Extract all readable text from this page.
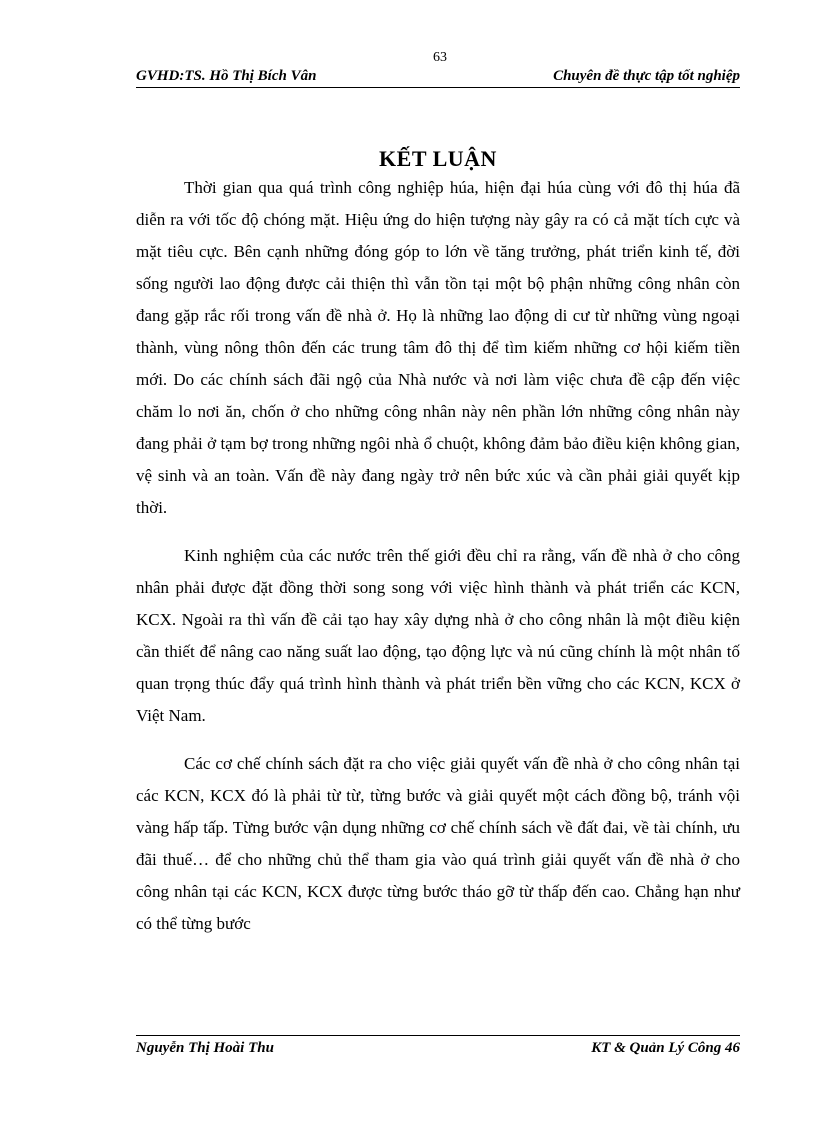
63
GVHD:TS. Hồ Thị Bích Vân	Chuyên đề thực tập tốt nghiệp
KẾT LUẬN

Thời gian qua quá trình công nghiệp húa, hiện đại húa cùng với đô thị húa đã diễn ra với tốc độ chóng mặt. Hiệu ứng do hiện tượng này gây ra có cả mặt tích cực và mặt tiêu cực. Bên cạnh những đóng góp to lớn về tăng trưởng, phát triển kinh tế, đời sống người lao động được cải thiện thì vẫn tồn tại một bộ phận những công nhân còn đang gặp rắc rối trong vấn đề nhà ở. Họ là những lao động di cư từ những vùng ngoại thành, vùng nông thôn đến các trung tâm đô thị để tìm kiếm những cơ hội kiếm tiền mới. Do các chính sách đãi ngộ của Nhà nước và nơi làm việc chưa đề cập đến việc chăm lo nơi ăn, chốn ở cho những công nhân này nên phần lớn những công nhân này đang phải ở tạm bợ trong những ngôi nhà ổ chuột, không đảm bảo điều kiện không gian, vệ sinh và an toàn. Vấn đề này đang ngày trở nên bức xúc và cần phải giải quyết kịp thời.

Kinh nghiệm của các nước trên thế giới đều chỉ ra rằng, vấn đề nhà ở cho công nhân phải được đặt đồng thời song song với việc hình thành và phát triển các KCN, KCX. Ngoài ra thì vấn đề cải tạo hay xây dựng nhà ở cho công nhân là một điều kiện cần thiết để nâng cao năng suất lao động, tạo động lực và nú cũng chính là một nhân tố quan trọng thúc đẩy quá trình hình thành và phát triển bền vững cho các KCN, KCX ở Việt Nam.

Các cơ chế chính sách đặt ra cho việc giải quyết vấn đề nhà ở cho công nhân tại các KCN, KCX đó là phải từ từ, từng bước và giải quyết một cách đồng bộ, tránh vội vàng hấp tấp. Từng bước vận dụng những cơ chế chính sách về đất đai, về tài chính, ưu đãi thuế… để cho những chủ thể tham gia vào quá trình giải quyết vấn đề nhà ở cho công nhân tại các KCN, KCX được từng bước tháo gỡ từ thấp đến cao. Chẳng hạn như có thể từng bước

Nguyễn Thị Hoài Thu	KT & Quản Lý Công 46
